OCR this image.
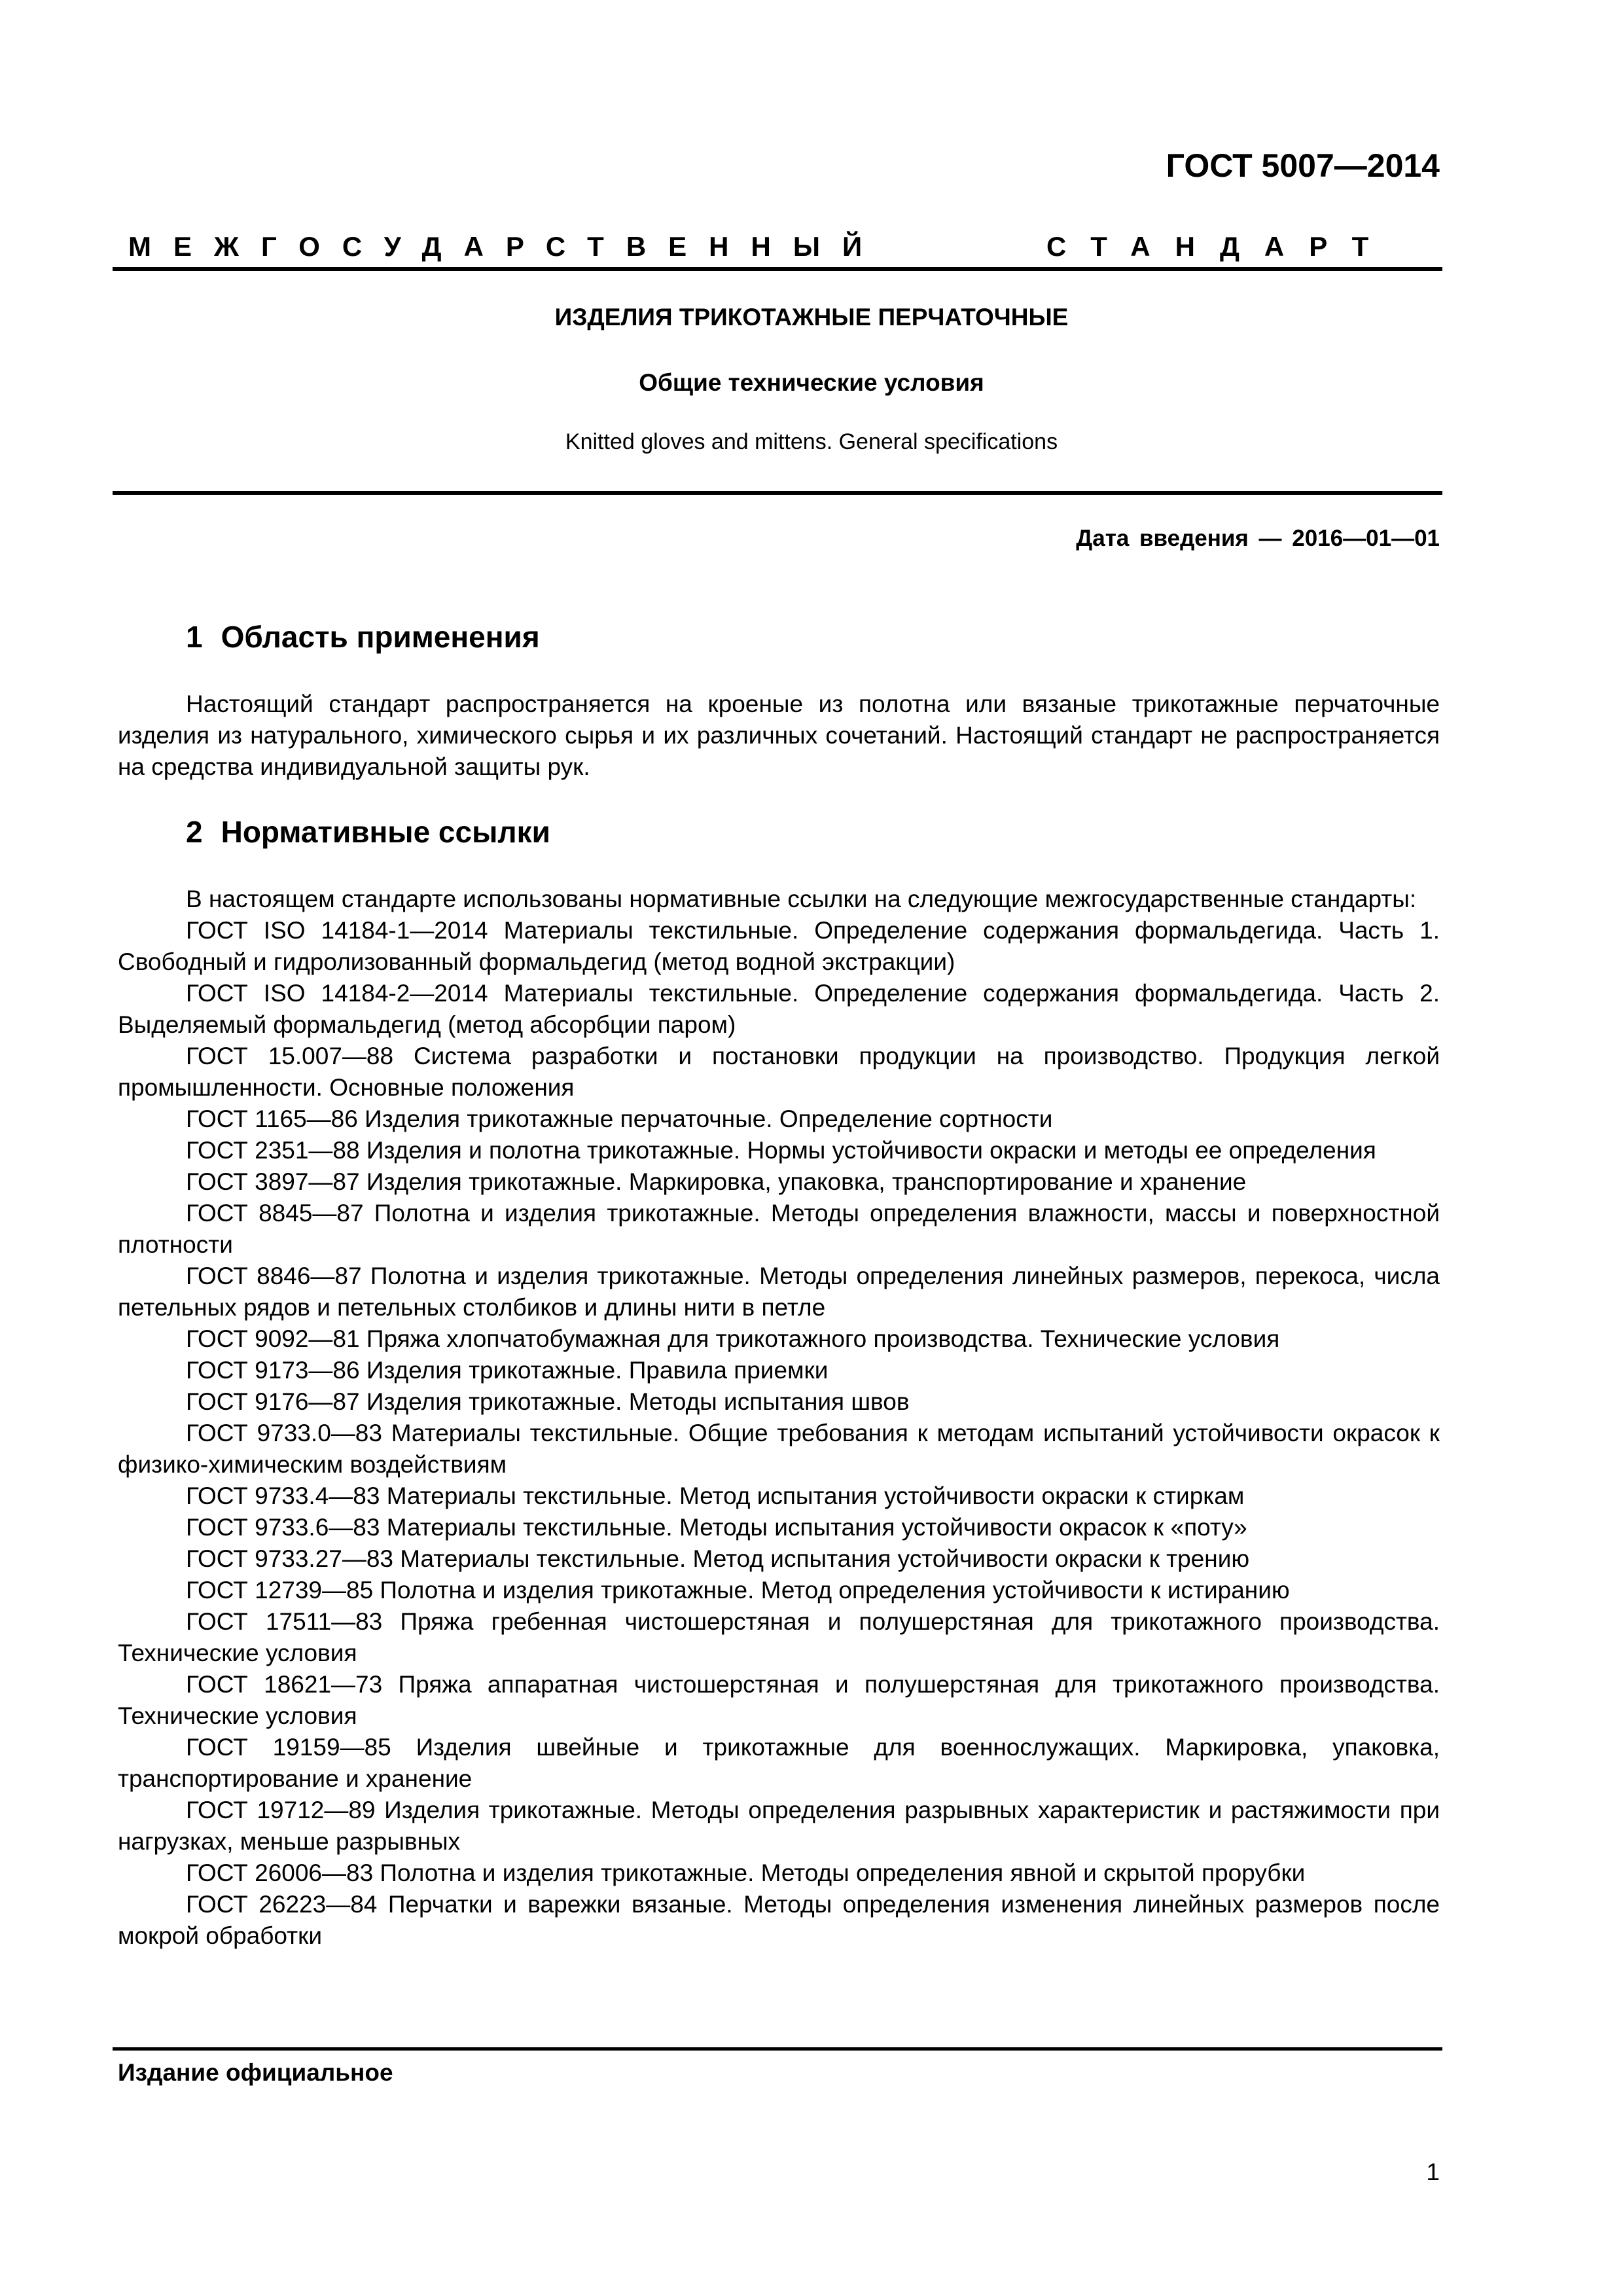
ГОСТ 5007—2014
МЕЖГОСУДАРСТВЕННЫЙ	СТАНДАРТ
ИЗДЕЛИЯ ТРИКОТАЖНЫЕ ПЕРЧАТОЧНЫЕ
Общие технические условия
Knitted gloves and mittens. General specifications
Дата введения — 2016—01—01
1 Область применения

Настоящий стандарт распространяется на кроеные из полотна или вязаные трикотажные перчаточные изделия из натурального, химического сырья и их различных сочетаний. Настоящий стандарт не распространяется на средства индивидуальной защиты рук.

2 Нормативные ссылки

В настоящем стандарте использованы нормативные ссылки на следующие межгосударственные стандарты:

ГОСТ ISO 14184-1—2014 Материалы текстильные. Определение содержания формальдегида. Часть 1. Свободный и гидролизованный формальдегид (метод водной экстракции)

ГОСТ ISO 14184-2—2014 Материалы текстильные. Определение содержания формальдегида. Часть 2. Выделяемый формальдегид (метод абсорбции паром)

ГОСТ 15.007—88 Система разработки и постановки продукции на производство. Продукция легкой промышленности. Основные положения

ГОСТ 1165—86 Изделия трикотажные перчаточные. Определение сортности

ГОСТ 2351—88 Изделия и полотна трикотажные. Нормы устойчивости окраски и методы ее определения

ГОСТ 3897—87 Изделия трикотажные. Маркировка, упаковка, транспортирование и хранение

ГОСТ 8845—87 Полотна и изделия трикотажные. Методы определения влажности, массы и поверхностной плотности

ГОСТ 8846—87 Полотна и изделия трикотажные. Методы определения линейных размеров, перекоса, числа петельных рядов и петельных столбиков и длины нити в петле

ГОСТ 9092—81 Пряжа хлопчатобумажная для трикотажного производства. Технические условия

ГОСТ 9173—86 Изделия трикотажные. Правила приемки

ГОСТ 9176—87 Изделия трикотажные. Методы испытания швов

ГОСТ 9733.0—83 Материалы текстильные. Общие требования к методам испытаний устойчивости окрасок к физико-химическим воздействиям

ГОСТ 9733.4—83 Материалы текстильные. Метод испытания устойчивости окраски к стиркам

ГОСТ 9733.6—83 Материалы текстильные. Методы испытания устойчивости окрасок к «поту»

ГОСТ 9733.27—83 Материалы текстильные. Метод испытания устойчивости окраски к трению

ГОСТ 12739—85 Полотна и изделия трикотажные. Метод определения устойчивости к истиранию

ГОСТ 17511—83 Пряжа гребенная чистошерстяная и полушерстяная для трикотажного производства. Технические условия

ГОСТ 18621—73 Пряжа аппаратная чистошерстяная и полушерстяная для трикотажного производства. Технические условия

ГОСТ 19159—85 Изделия швейные и трикотажные для военнослужащих. Маркировка, упаковка, транспортирование и хранение

ГОСТ 19712—89 Изделия трикотажные. Методы определения разрывных характеристик и растяжимости при нагрузках, меньше разрывных

ГОСТ 26006—83 Полотна и изделия трикотажные. Методы определения явной и скрытой прорубки

ГОСТ 26223—84 Перчатки и варежки вязаные. Методы определения изменения линейных размеров после мокрой обработки

Издание официальное
1
